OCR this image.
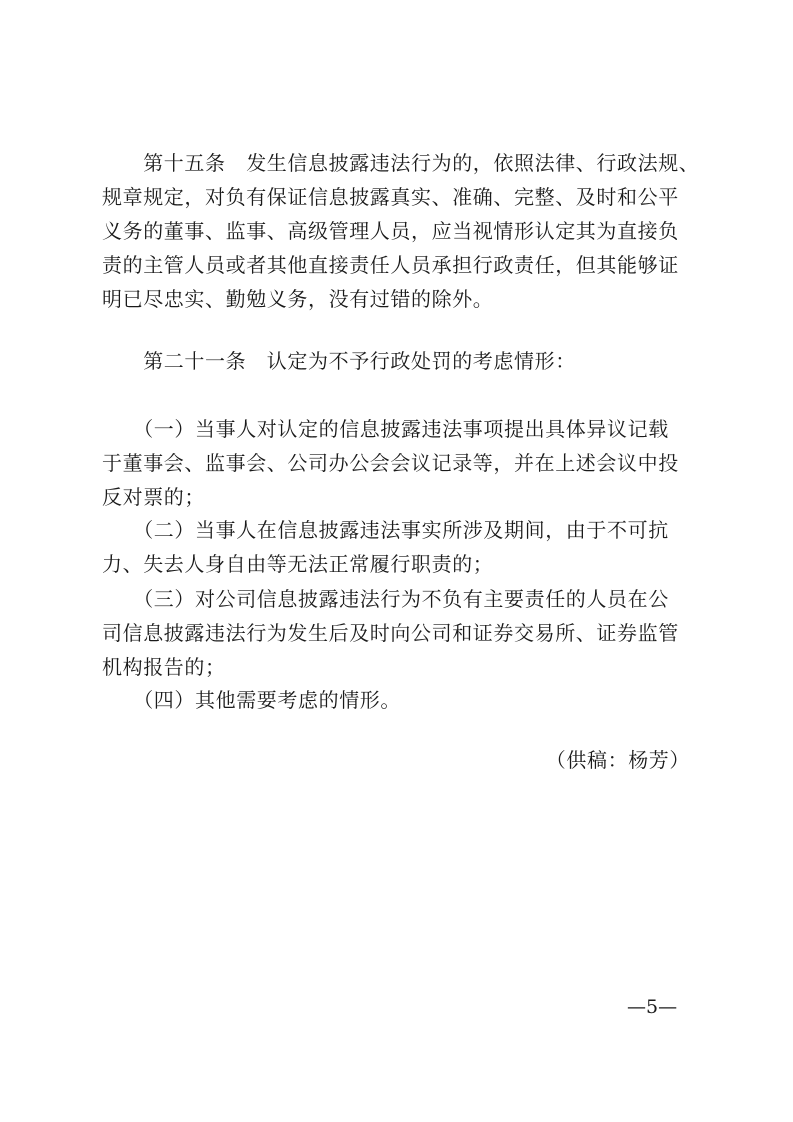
　　第十五条　发生信息披露违法行为的，依照法律、行政法规、
规章规定，对负有保证信息披露真实、准确、完整、及时和公平
义务的董事、监事、高级管理人员，应当视情形认定其为直接负
责的主管人员或者其他直接责任人员承担行政责任，但其能够证
明已尽忠实、勤勉义务，没有过错的除外。
　　第二十一条　认定为不予行政处罚的考虑情形：
　　（一）当事人对认定的信息披露违法事项提出具体异议记载
于董事会、监事会、公司办公会会议记录等，并在上述会议中投
反对票的；
　　（二）当事人在信息披露违法事实所涉及期间，由于不可抗
力、失去人身自由等无法正常履行职责的；
　　（三）对公司信息披露违法行为不负有主要责任的人员在公
司信息披露违法行为发生后及时向公司和证券交易所、证券监管
机构报告的；
　　（四）其他需要考虑的情形。
（供稿：杨芳）
—5—
